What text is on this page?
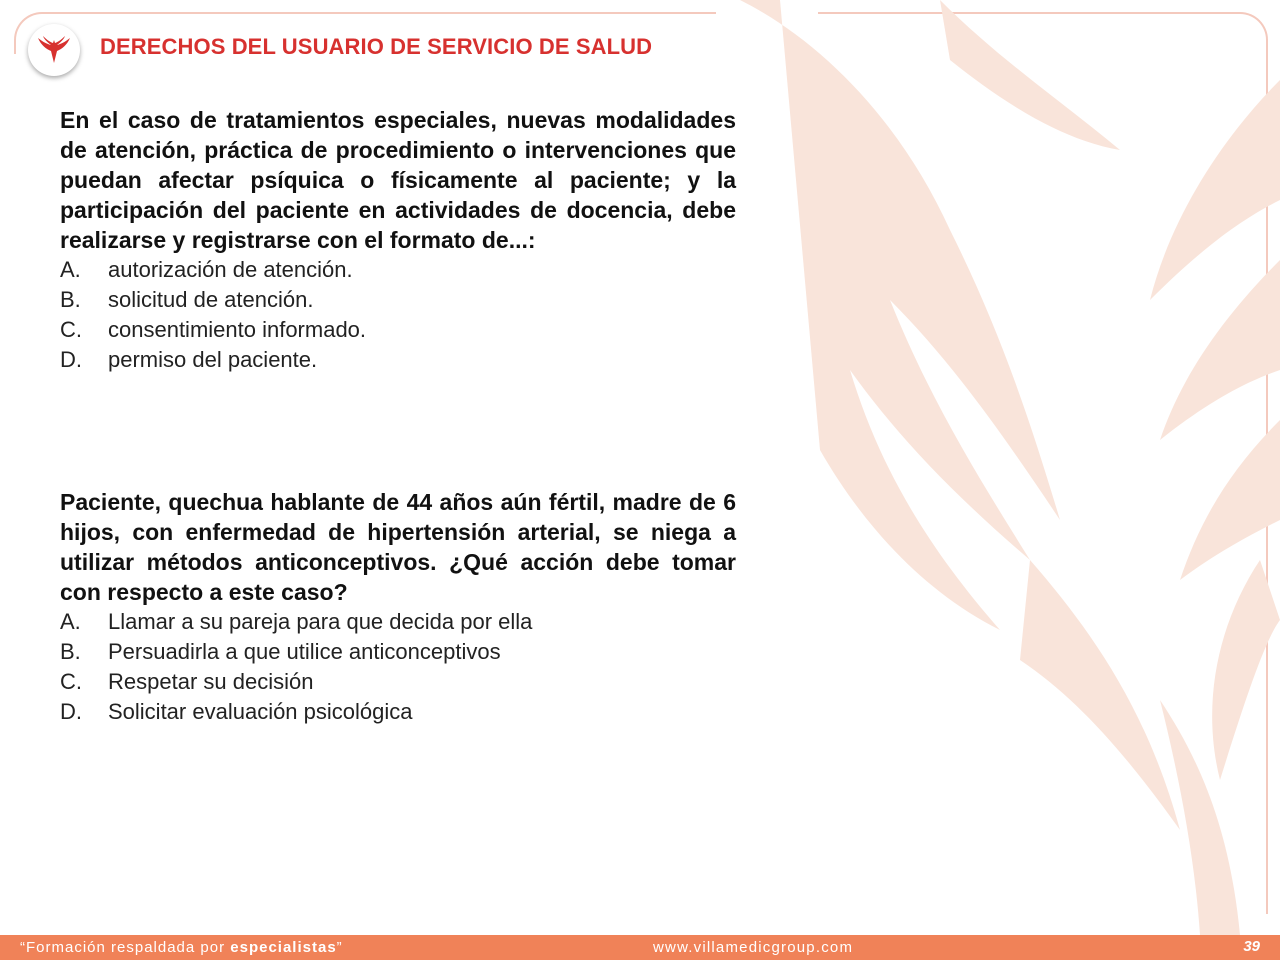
DERECHOS DEL USUARIO DE SERVICIO DE SALUD
En el caso de tratamientos especiales, nuevas modalidades de atención, práctica de procedimiento o intervenciones que puedan afectar psíquica o físicamente al paciente; y la participación del paciente en actividades de docencia, debe realizarse y registrarse con el formato de...:
A.	autorización de atención.
B.	solicitud de atención.
C.	consentimiento informado.
D.	permiso del paciente.
Paciente, quechua hablante de 44 años aún fértil, madre de 6 hijos, con enfermedad de hipertensión arterial, se niega a utilizar métodos anticonceptivos. ¿Qué acción debe tomar con respecto a este caso?
A.	Llamar a su pareja para que decida por ella
B.	Persuadirla a que utilice anticonceptivos
C.	Respetar su decisión
D.	Solicitar evaluación psicológica
“Formación respaldada por especialistas”	www.villamedicgroup.com	39
